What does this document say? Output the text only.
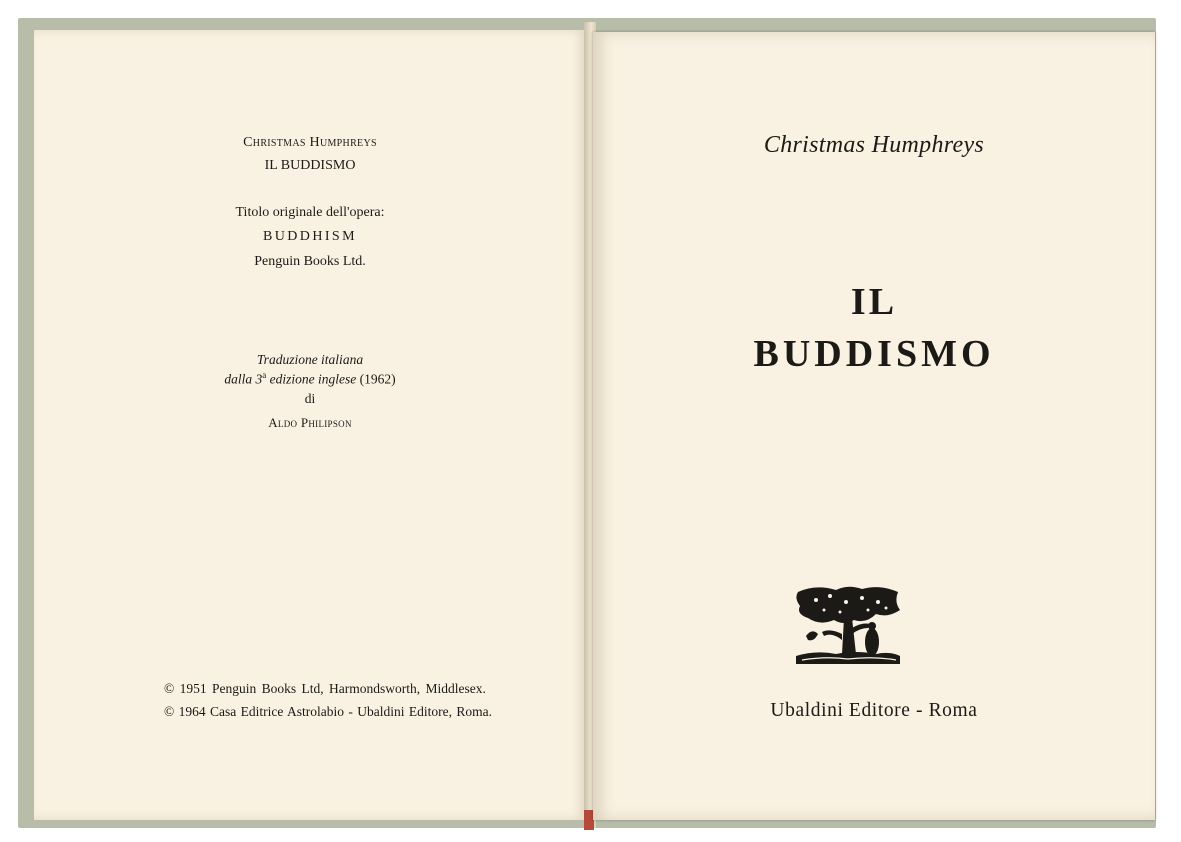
Christmas Humphreys
IL BUDDISMO
Titolo originale dell'opera:
BUDDHISM
Penguin Books Ltd.
Traduzione italiana
dalla 3$^a$ edizione inglese (1962)
di
Aldo Philipson
© 1951 Penguin Books Ltd, Harmondsworth, Middlesex.
© 1964 Casa Editrice Astrolabio - Ubaldini Editore, Roma.
Christmas Humphreys
IL
BUDDISMO
Ubaldini Editore - Roma
